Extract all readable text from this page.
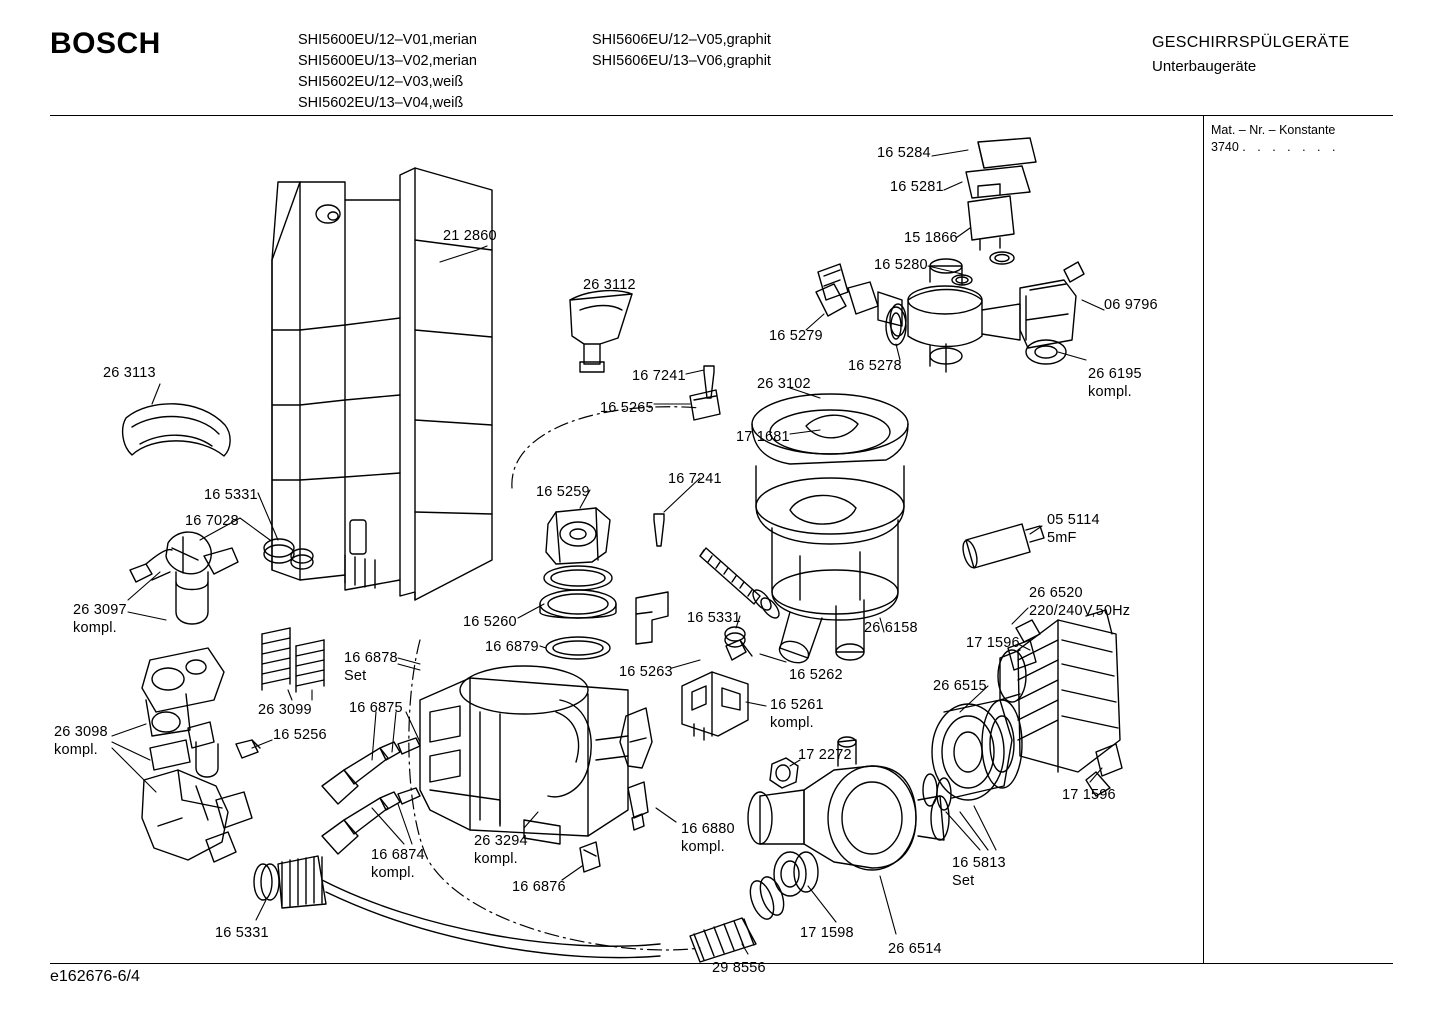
BOSCH	SHI5600EU/12–V01,merian
SHI5600EU/13–V02,merian
SHI5602EU/12–V03,weiß
SHI5602EU/13–V04,weiß
SHI5606EU/12–V05,graphit
SHI5606EU/13–V06,graphit
GESCHIRRSPÜLGERÄTE
Unterbaugeräte
Mat. – Nr. – Konstante
3740 . . . . . . .
e162676-6/4
21 2860
26 3112
26 3113
16 5284
16 5281
15 1866
16 5280
06 9796
16 5279
16 5278	26 6195
kompl.
16 7241
16 5265
26 3102
17 1681
16 5331
16 7028
16 5259
16 7241
05 5114
5mF
26 3097
kompl.	16 5260
16 6879
16 5331
26 6158
26 6520
220/240V,50Hz
17 1596
26 6515
16 6878
Set
26 3099	16 6875
16 5263	16 5262
16 5261
kompl.
26 3098
kompl.
16 5256
17 2272
17 1596
16 6880
kompl.
26 3294
kompl.
16 6874
kompl.
16 5813
Set
16 6876
16 5331	17 1598
26 6514
29 8556
